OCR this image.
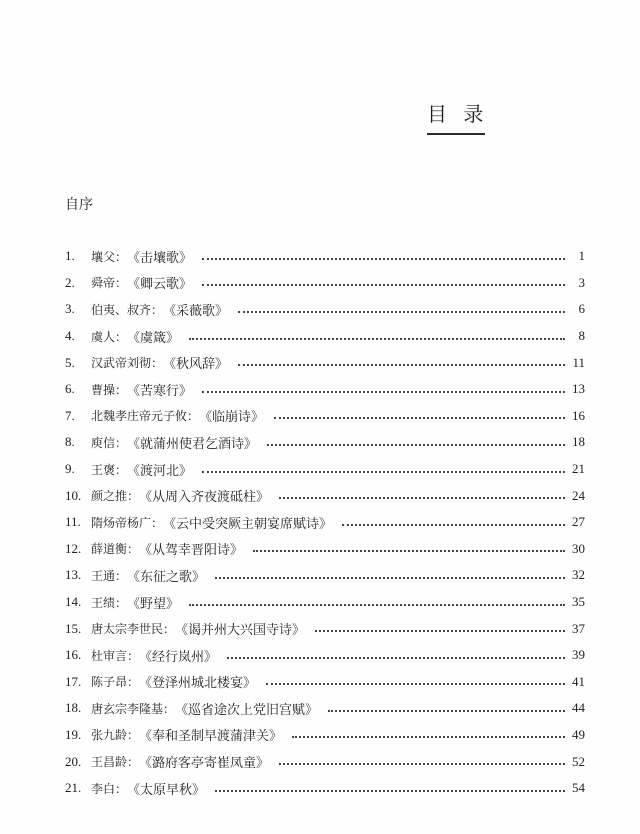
目 录
自序
1.	壤父： 《击壤歌》	1
2.	舜帝： 《卿云歌》	3
3.	伯夷、叔齐： 《采薇歌》	6
4.	虞人： 《虞箴》	8
5.	汉武帝刘彻： 《秋风辞》	11
6.	曹操： 《苦寒行》	13
7.	北魏孝庄帝元子攸： 《临崩诗》	16
8.	庾信： 《就蒲州使君乞酒诗》	18
9.	王褒： 《渡河北》	21
10. 颜之推： 《从周入齐夜渡砥柱》	24
11. 隋炀帝杨广： 《云中受突厥主朝宴席赋诗》	27
12. 薛道衡： 《从驾幸晋阳诗》	30
13. 王通： 《东征之歌》	32
14. 王绩： 《野望》	35
15. 唐太宗李世民： 《谒并州大兴国寺诗》	37
16. 杜审言： 《经行岚州》	39
17. 陈子昂： 《登泽州城北楼宴》	41
18. 唐玄宗李隆基： 《巡省途次上党旧宫赋》	44
19. 张九龄： 《奉和圣制早渡蒲津关》	49
20. 王昌龄： 《潞府客亭寄崔凤童》	52
21. 李白： 《太原早秋》	54
